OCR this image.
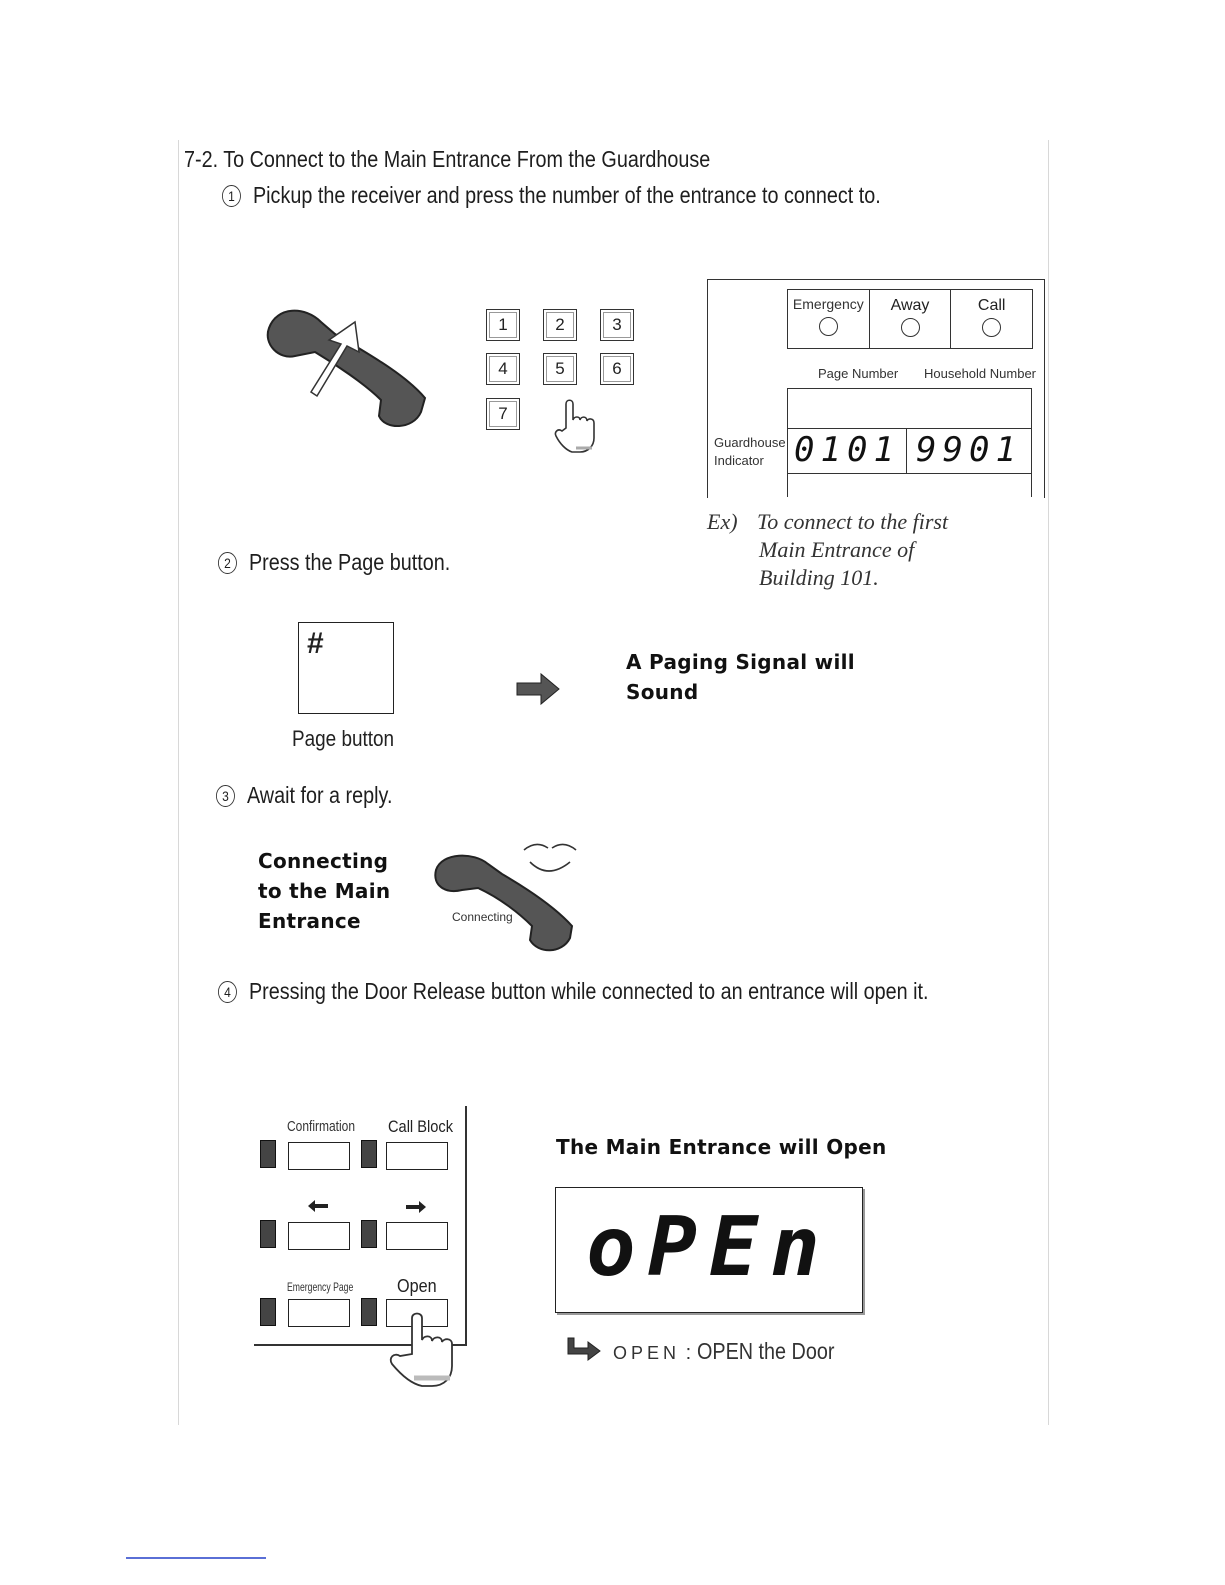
7-2. To Connect to the Main Entrance From the Guardhouse
1 Pickup the receiver and press the number of the entrance to connect to.
1	2	3
4	5	6
7
Emergency	Away	Call
Page Number Household Number
0101 9901
Guardhouse
Indicator
Ex) To connect to the first
Main Entrance of
Building 101.
2 Press the Page button.
#
Page button
A Paging Signal will
Sound
3 Await for a reply.
Connecting
to the Main
Entrance	Connecting
4 Pressing the Door Release button while connected to an entrance will open it.
Confirmation Call Block
Emergency Page Open
The Main Entrance will Open
oPEn
OPEN : OPEN the Door
